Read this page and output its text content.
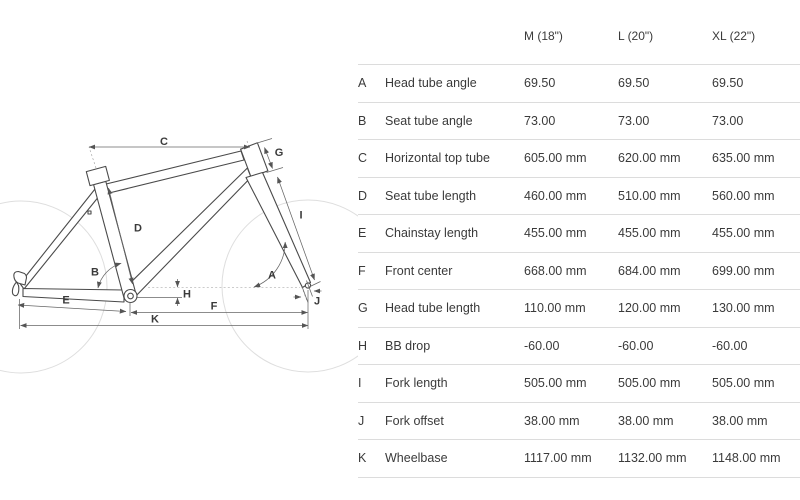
C
G
D
I
B	A
H
E	F	J
K
		M (18")	L (20")	XL (22")
A	Head tube angle	69.50	69.50	69.50
B	Seat tube angle	73.00	73.00	73.00
C	Horizontal top tube	605.00 mm	620.00 mm	635.00 mm
D	Seat tube length	460.00 mm	510.00 mm	560.00 mm
E	Chainstay length	455.00 mm	455.00 mm	455.00 mm
F	Front center	668.00 mm	684.00 mm	699.00 mm
G	Head tube length	110.00 mm	120.00 mm	130.00 mm
H	BB drop	-60.00	-60.00	-60.00
I	Fork length	505.00 mm	505.00 mm	505.00 mm
J	Fork offset	38.00 mm	38.00 mm	38.00 mm
K	Wheelbase	1117.00 mm	1132.00 mm	1148.00 mm
